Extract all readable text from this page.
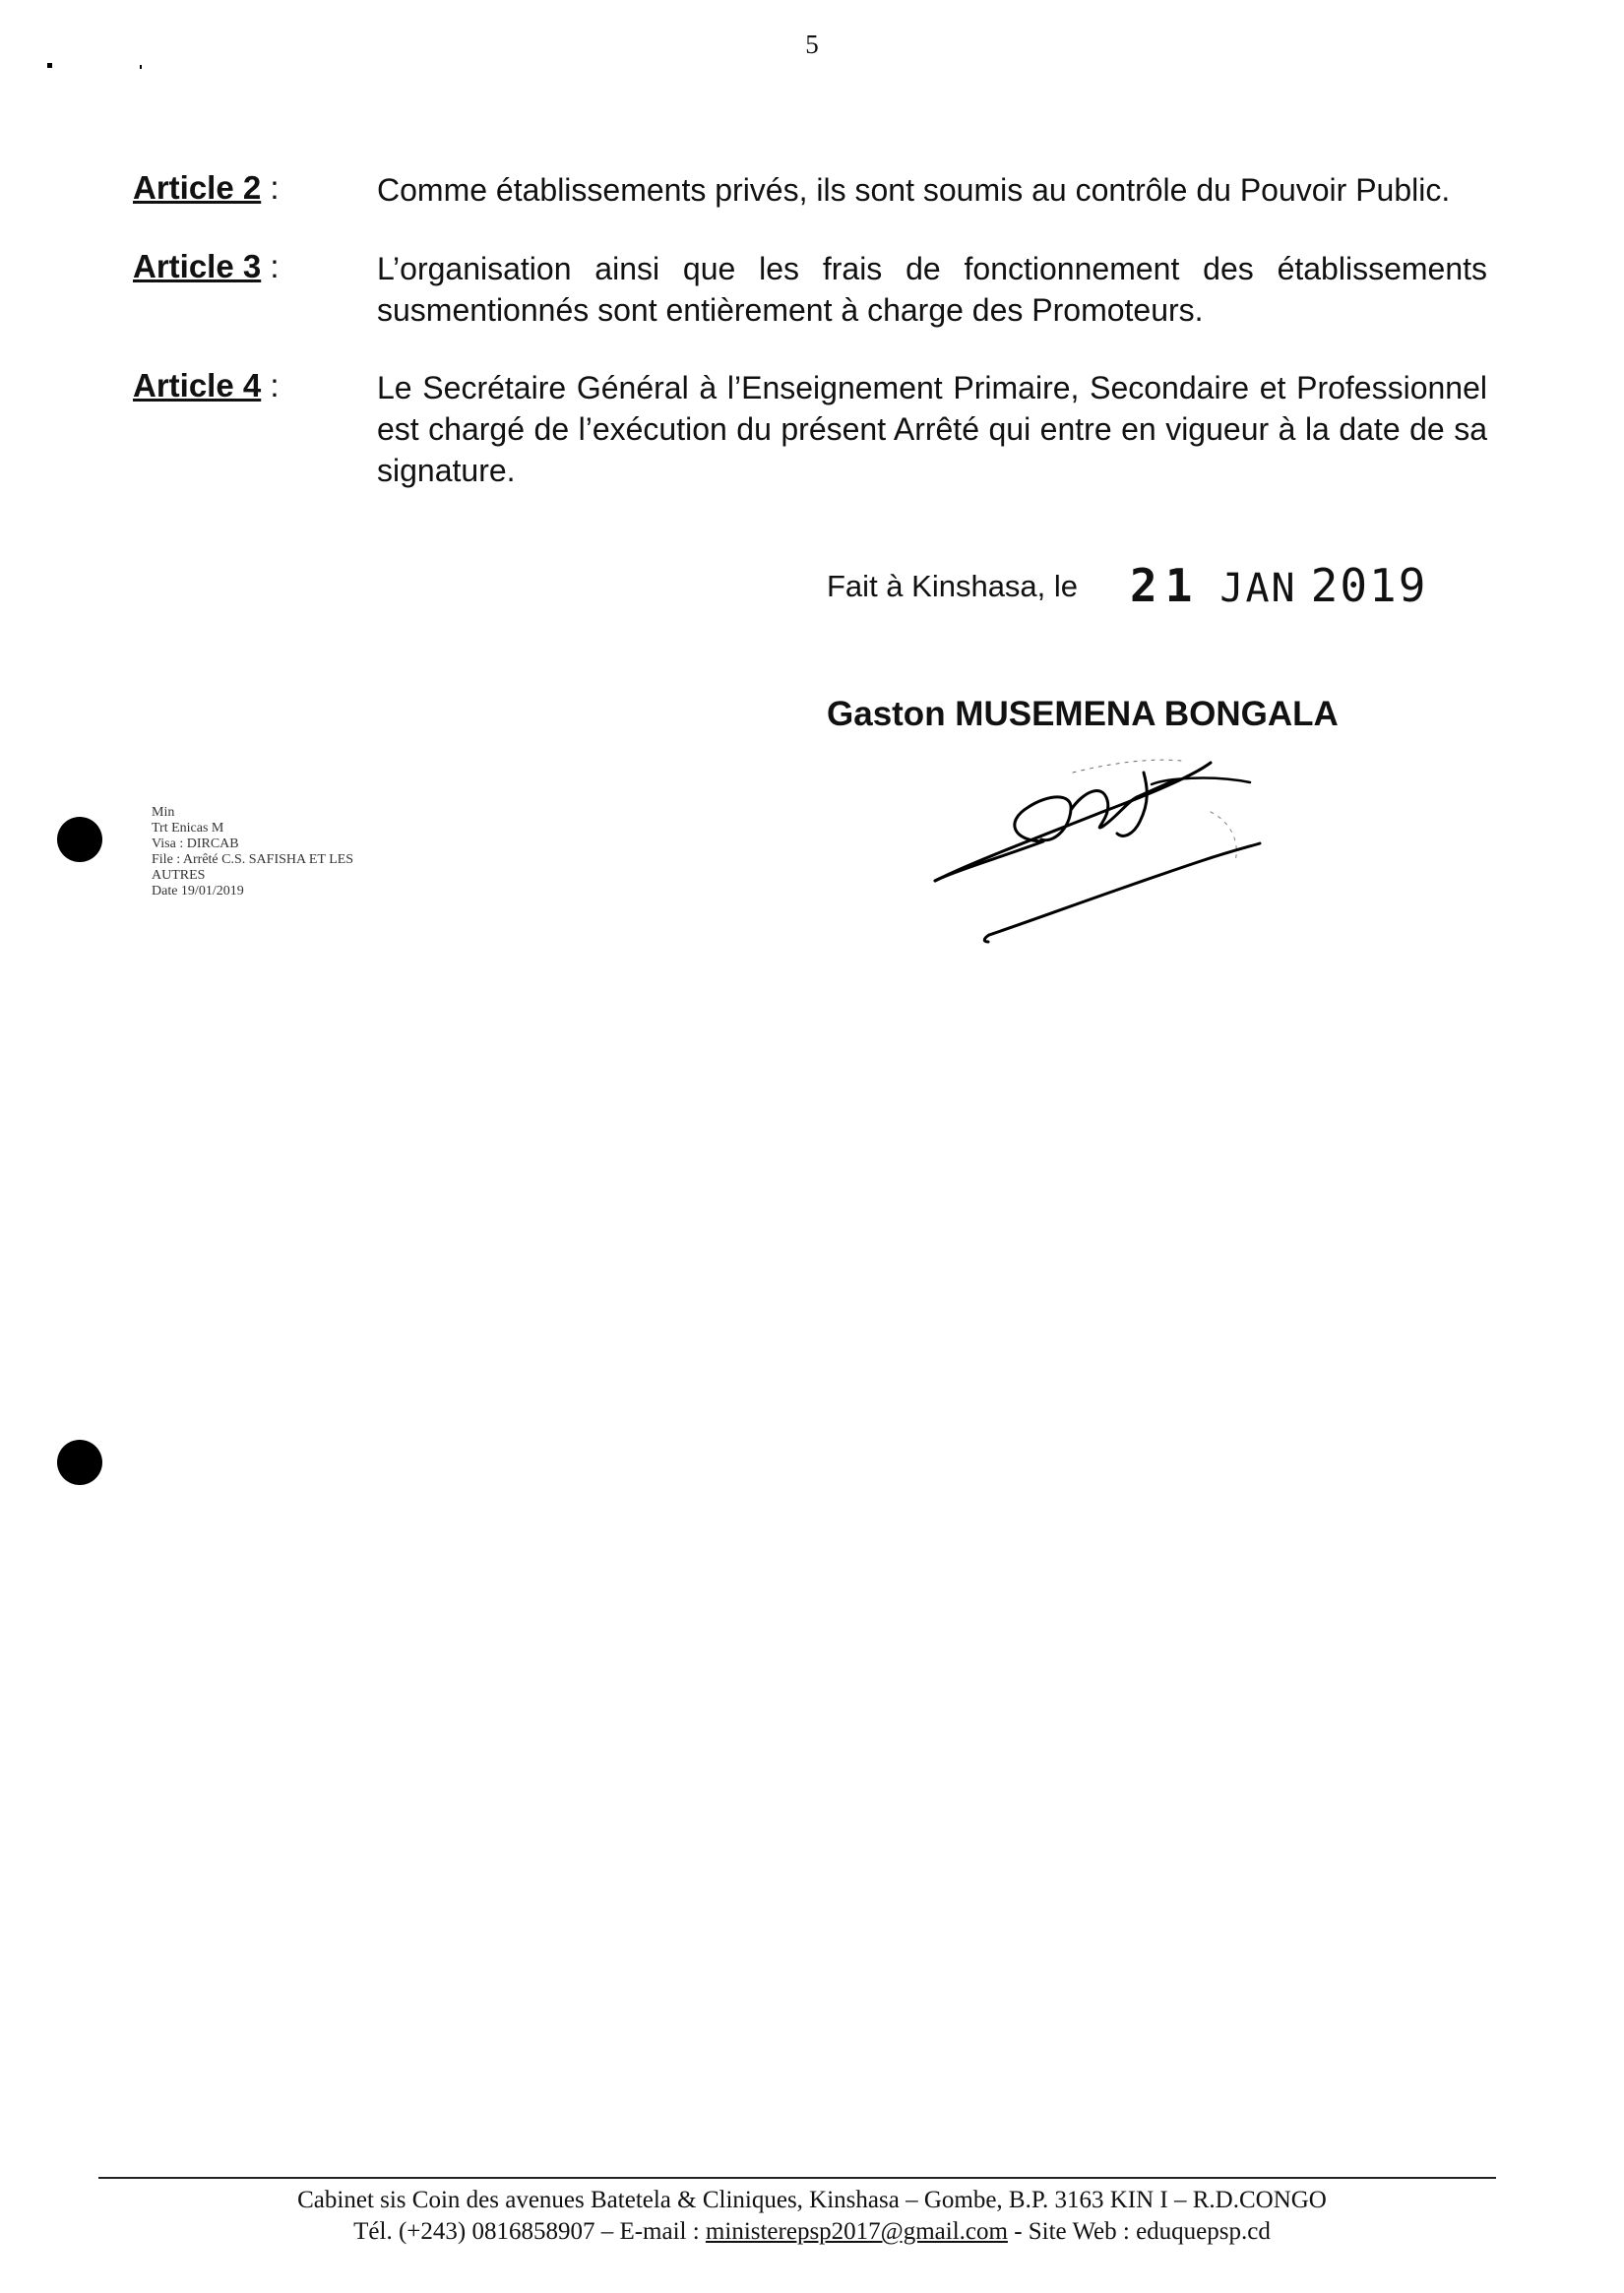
5
Article 2 :	Comme établissements privés, ils sont soumis au contrôle du Pouvoir Public.
Article 3 :	L’organisation ainsi que les frais de fonctionnement des établissements susmentionnés sont entièrement à charge des Promoteurs.
Article 4 :	Le Secrétaire Général à l’Enseignement Primaire, Secondaire et Professionnel est chargé de l’exécution du présent Arrêté qui entre en vigueur à la date de sa signature.
Fait à Kinshasa, le 21 JAN 2019
Gaston MUSEMENA BONGALA
Min
Trt Enicas M
Visa : DIRCAB
File : Arrêté C.S. SAFISHA ET LES
AUTRES
Date 19/01/2019
Cabinet sis Coin des avenues Batetela & Cliniques, Kinshasa – Gombe, B.P. 3163 KIN I – R.D.CONGO
Tél. (+243) 0816858907 – E-mail : ministerepsp2017@gmail.com - Site Web : eduquepsp.cd
